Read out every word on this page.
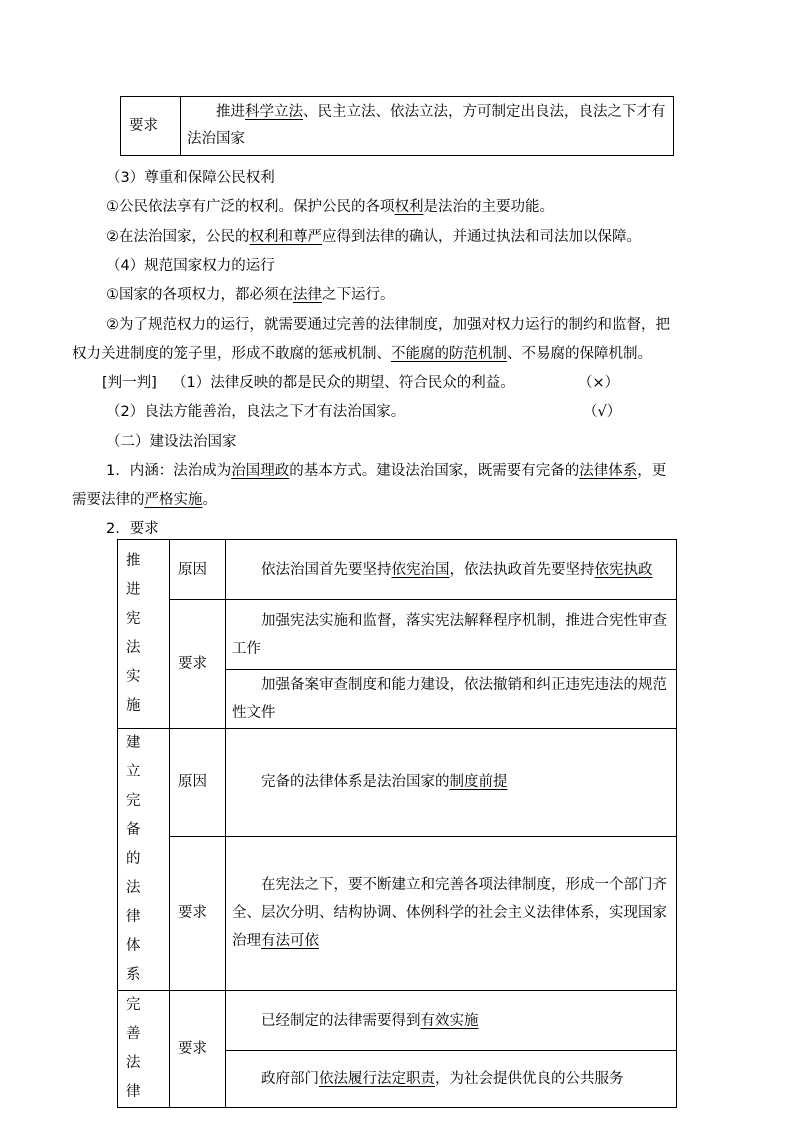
要求	推进科学立法、民主立法、依法立法，方可制定出良法，良法之下才有法治国家
（3）尊重和保障公民权利
①公民依法享有广泛的权利。保护公民的各项权利是法治的主要功能。
②在法治国家，公民的权利和尊严应得到法律的确认，并通过执法和司法加以保障。
（4）规范国家权力的运行
①国家的各项权力，都必须在法律之下运行。
②为了规范权力的运行，就需要通过完善的法律制度，加强对权力运行的制约和监督，把
权力关进制度的笼子里，形成不敢腐的惩戒机制、不能腐的防范机制、不易腐的保障机制。
[判一判] （1）法律反映的都是民众的期望、符合民众的利益。	（×）
（2）良法方能善治，良法之下才有法治国家。	（√）
（二）建设法治国家
1．内涵：法治成为治国理政的基本方式。建设法治国家，既需要有完备的法律体系，更
需要法律的严格实施。
2．要求
推 进宪 法实施	原因	依法治国首先要坚持依宪治国，依法执政首先要坚持依宪执政
	要求	加强宪法实施和监督，落实宪法解释程序机制，推进合宪性审查工作
		加强备案审查制度和能力建设，依法撤销和纠正违宪违法的规范性文件
建 立完 备的 法律 体系	原因	完备的法律体系是法治国家的制度前提
	要求	在宪法之下，要不断建立和完善各项法律制度，形成一个部门齐全、层次分明、结构协调、体例科学的社会主义法律体系，实现国家治理有法可依
完 善法律	要求	已经制定的法律需要得到有效实施
		政府部门依法履行法定职责，为社会提供优良的公共服务
